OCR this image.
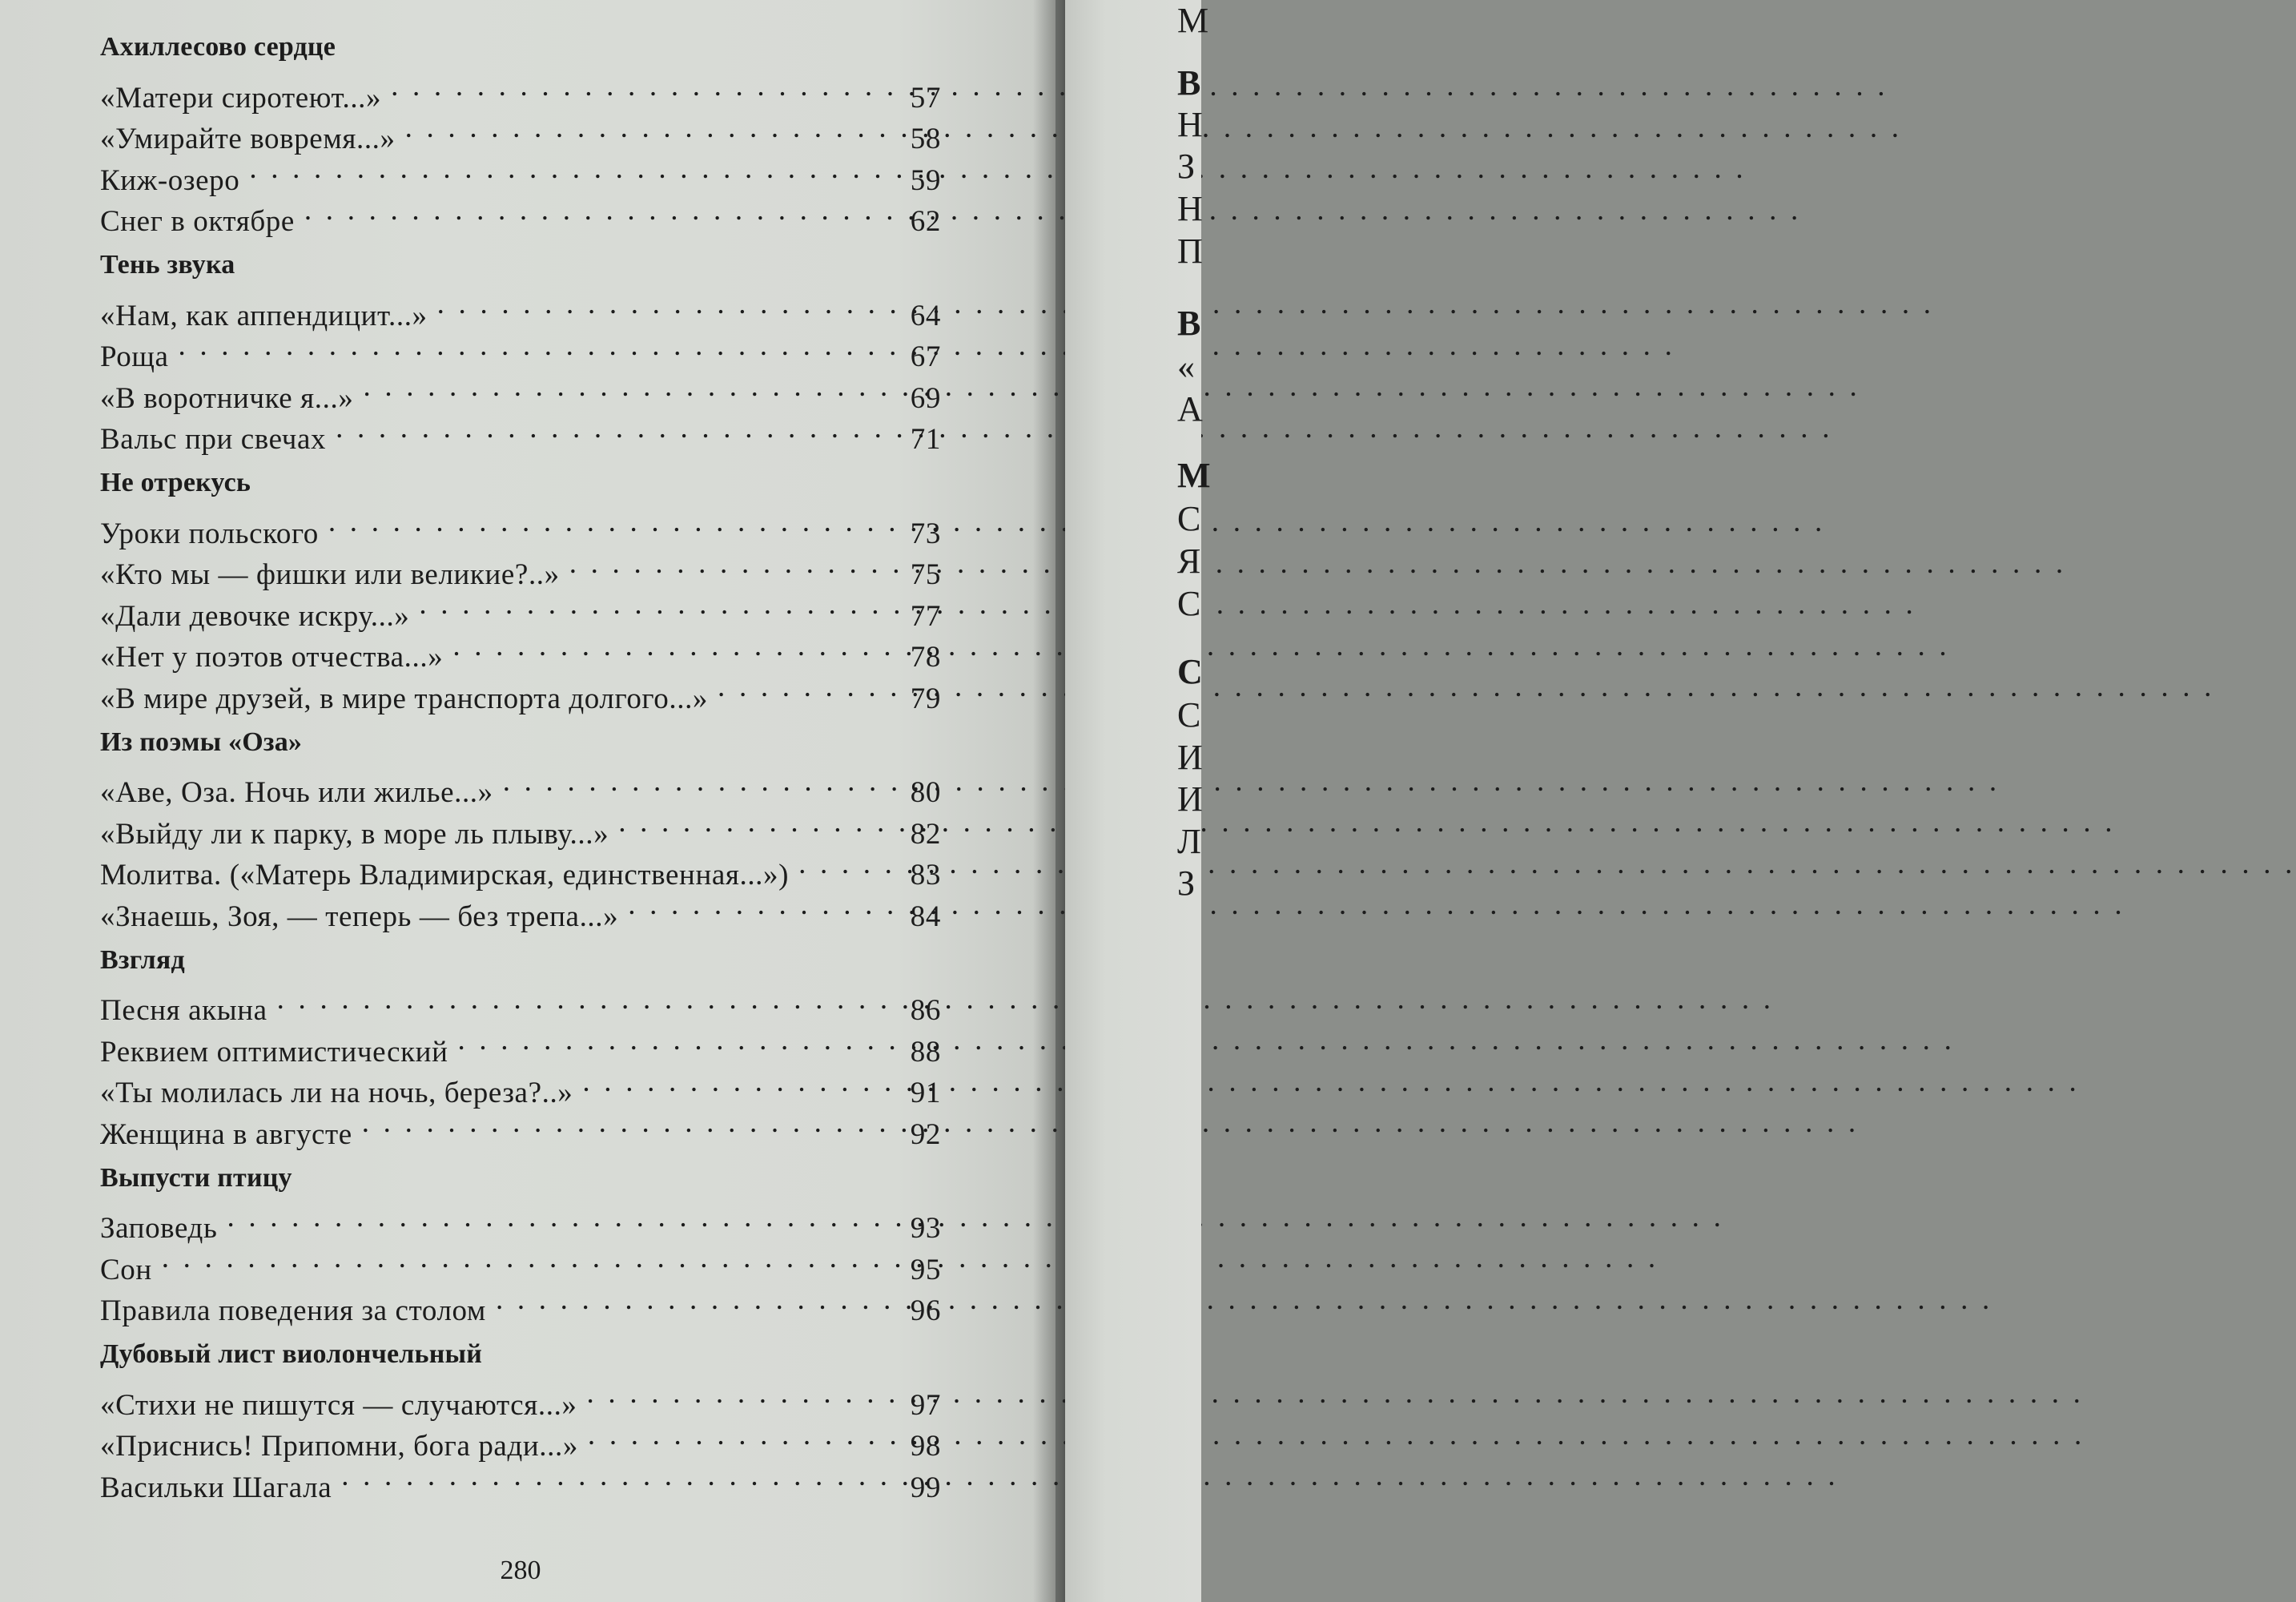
Ахиллесово сердце
«Матери сиротеют...» . . .	57
«Умирайте вовремя...» . . .	58
Киж-озеро . . .	59
Снег в октябре . . .	62
Тень звука
«Нам, как аппендицит...» . . .	64
Роща . . .	67
«В воротничке я...» . . .	69
Вальс при свечах . . .	71
Не отрекусь
Уроки польского . . .	73
«Кто мы — фишки или великие?..» . . .	75
«Дали девочке искру...» . . .	77
«Нет у поэтов отчества...» . . .	78
«В мире друзей, в мире транспорта долгого...» . . .	79
Из поэмы «Оза»
«Аве, Оза. Ночь или жилье...» . . .	80
«Выйду ли к парку, в море ль плыву...» . . .	82
Молитва. («Матерь Владимирская, единственная...») . . .	83
«Знаешь, Зоя, — теперь — без трепа...» . . .	84
Взгляд
Песня акына . . .	86
Реквием оптимистический . . .	88
«Ты молилась ли на ночь, береза?..» . . .	91
Женщина в августе . . .	92
Выпусти птицу
Заповедь . . .	93
Сон . . .	95
Правила поведения за столом . . .	96
Дубовый лист виолончельный
«Стихи не пишутся — случаются...» . . .	97
«Приснись! Припомни, бога ради...» . . .	98
Васильки Шагала . . .	99
280
М
В
Н
З
Н
П
В
«
А
М
С
Я
С
С
С
И
И
Л
З
